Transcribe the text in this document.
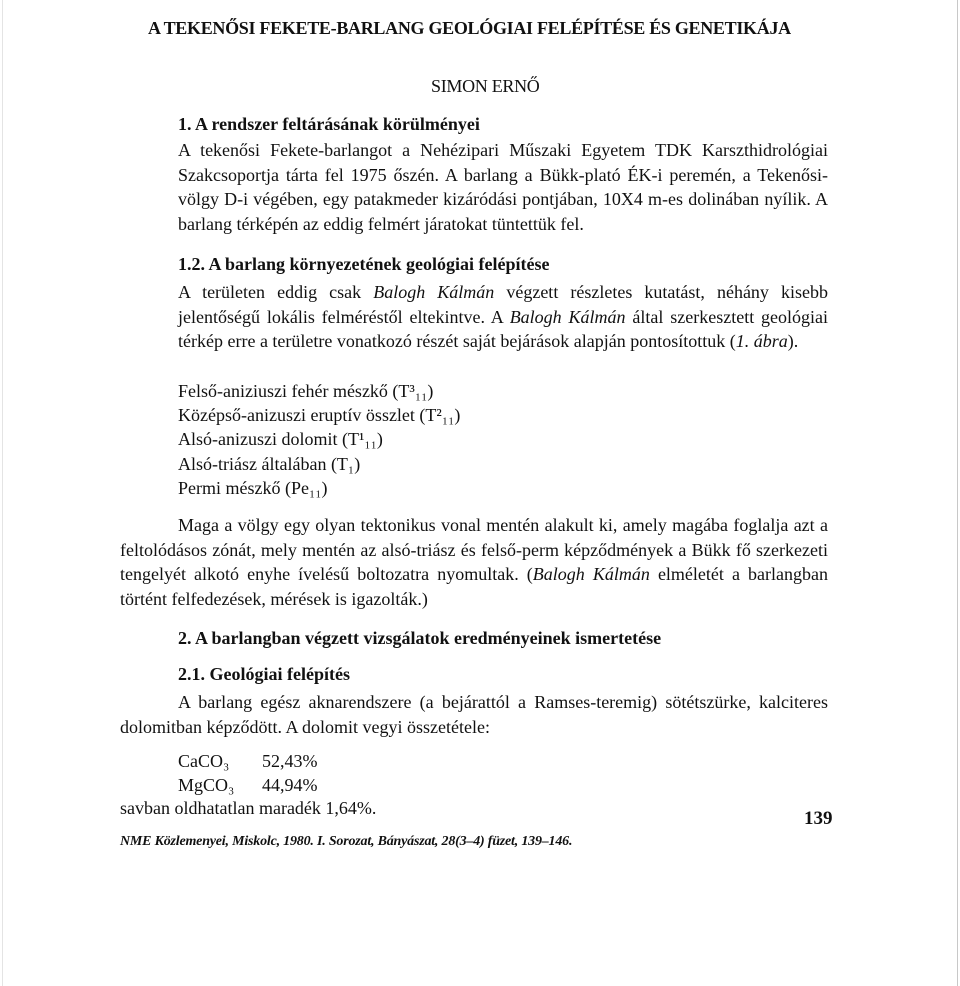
A TEKENŐSI FEKETE-BARLANG GEOLÓGIAI FELÉPÍTÉSE ÉS GENETIKÁJA
SIMON ERNŐ
1. A rendszer feltárásának körülményei
A tekenősi Fekete-barlangot a Nehézipari Műszaki Egyetem TDK Karszthidrológiai Szakcsoportja tárta fel 1975 őszén. A barlang a Bükk-plató ÉK-i peremén, a Tekenősi-völgy D-i végében, egy patakmeder kizáródási pontjában, 10X4 m-es dolinában nyílik. A barlang térképén az eddig felmért járatokat tüntettük fel.
1.2. A barlang környezetének geológiai felépítése
A területen eddig csak Balogh Kálmán végzett részletes kutatást, néhány kisebb jelentőségű lokális felméréstől eltekintve. A Balogh Kálmán által szerkesztett geológiai térkép erre a területre vonatkozó részét saját bejárások alapján pontosítottuk (1. ábra).
Felső-aniziuszi fehér mészkő (T³₁₁)
Középső-anizuszi eruptív összlet (T²₁₁)
Alsó-anizuszi dolomit (T¹₁₁)
Alsó-triász általában (T₁)
Permi mészkő (Pe₁₁)
Maga a völgy egy olyan tektonikus vonal mentén alakult ki, amely magába foglalja azt a feltolódásos zónát, mely mentén az alsó-triász és felső-perm képződmények a Bükk fő szerkezeti tengelyét alkotó enyhe ívelésű boltozatra nyomultak. (Balogh Kálmán elméletét a barlangban történt felfedezések, mérések is igazolták.)
2. A barlangban végzett vizsgálatok eredményeinek ismertetése
2.1. Geológiai felépítés
A barlang egész aknarendszere (a bejárattól a Ramses-teremig) sötétszürke, kalciteres dolomitban képződött. A dolomit vegyi összetétele:
CaCO₃ 52,43%
MgCO₃ 44,94%
savban oldhatatlan maradék 1,64%.	139
NME Közlemenyei, Miskolc, 1980. I. Sorozat, Bányászat, 28(3–4) füzet, 139–146.
